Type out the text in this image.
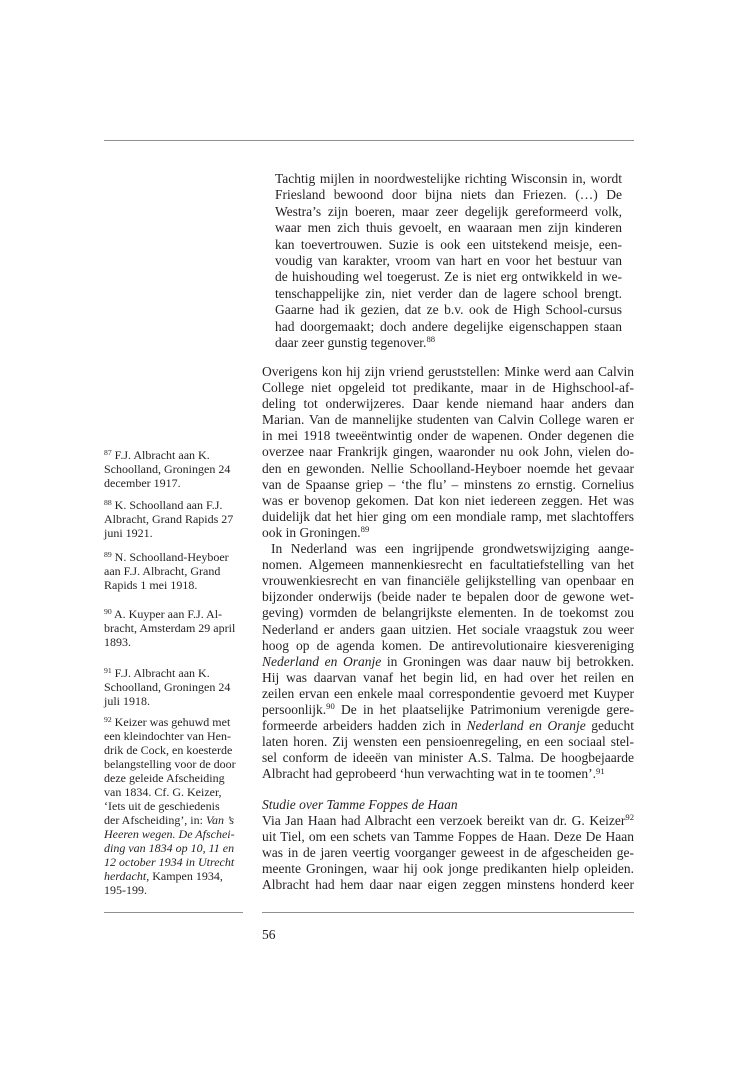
Tachtig mijlen in noordwestelijke richting Wisconsin in, wordt
Friesland bewoond door bijna niets dan Friezen. (…) De
Westra’s zijn boeren, maar zeer degelijk gereformeerd volk,
waar men zich thuis gevoelt, en waaraan men zijn kinderen
kan toevertrouwen. Suzie is ook een uitstekend meisje, een-
voudig van karakter, vroom van hart en voor het bestuur van
de huishouding wel toegerust. Ze is niet erg ontwikkeld in we-
tenschappelijke zin, niet verder dan de lagere school brengt.
Gaarne had ik gezien, dat ze b.v. ook de High School-cursus
had doorgemaakt; doch andere degelijke eigenschappen staan
daar zeer gunstig tegenover.$^{88}$
Overigens kon hij zijn vriend geruststellen: Minke werd aan Calvin
College niet opgeleid tot predikante, maar in de Highschool-af-
deling tot onderwijzeres. Daar kende niemand haar anders dan
Marian. Van de mannelijke studenten van Calvin College waren er
in mei 1918 tweeëntwintig onder de wapenen. Onder degenen die
overzee naar Frankrijk gingen, waaronder nu ook John, vielen do-
den en gewonden. Nellie Schoolland-Heyboer noemde het gevaar
van de Spaanse griep – ‘the flu’ – minstens zo ernstig. Cornelius
was er bovenop gekomen. Dat kon niet iedereen zeggen. Het was
duidelijk dat het hier ging om een mondiale ramp, met slachtoffers
ook in Groningen.$^{89}$
In Nederland was een ingrijpende grondwetswijziging aange-
nomen. Algemeen mannenkiesrecht en facultatiefstelling van het
vrouwenkiesrecht en van financiële gelijkstelling van openbaar en
bijzonder onderwijs (beide nader te bepalen door de gewone wet-
geving) vormden de belangrijkste elementen. In de toekomst zou
Nederland er anders gaan uitzien. Het sociale vraagstuk zou weer
hoog op de agenda komen. De antirevolutionaire kiesvereniging
Nederland en Oranje in Groningen was daar nauw bij betrokken.
Hij was daarvan vanaf het begin lid, en had over het reilen en
zeilen ervan een enkele maal correspondentie gevoerd met Kuyper
persoonlijk.$^{90}$ De in het plaatselijke Patrimonium verenigde gere-
formeerde arbeiders hadden zich in Nederland en Oranje geducht
laten horen. Zij wensten een pensioenregeling, en een sociaal stel-
sel conform de ideeën van minister A.S. Talma. De hoogbejaarde
Albracht had geprobeerd ‘hun verwachting wat in te toomen’.$^{91}$
Studie over Tamme Foppes de Haan
Via Jan Haan had Albracht een verzoek bereikt van dr. G. Keizer$^{92}$
uit Tiel, om een schets van Tamme Foppes de Haan. Deze De Haan
was in de jaren veertig voorganger geweest in de afgescheiden ge-
meente Groningen, waar hij ook jonge predikanten hielp opleiden.
Albracht had hem daar naar eigen zeggen minstens honderd keer
$^{87}$ F.J. Albracht aan K.
Schoolland, Groningen 24
december 1917.
$^{88}$ K. Schoolland aan F.J.
Albracht, Grand Rapids 27
juni 1921.
$^{89}$ N. Schoolland-Heyboer
aan F.J. Albracht, Grand
Rapids 1 mei 1918.
$^{90}$ A. Kuyper aan F.J. Al-
bracht, Amsterdam 29 april
1893.
$^{91}$ F.J. Albracht aan K.
Schoolland, Groningen 24
juli 1918.
$^{92}$ Keizer was gehuwd met
een kleindochter van Hen-
drik de Cock, en koesterde
belangstelling voor de door
deze geleide Afscheiding
van 1834. Cf. G. Keizer,
‘Iets uit de geschiedenis
der Afscheiding’, in: Van ’s
Heeren wegen. De Afschei-
ding van 1834 op 10, 11 en
12 october 1934 in Utrecht
herdacht, Kampen 1934,
195-199.
56
